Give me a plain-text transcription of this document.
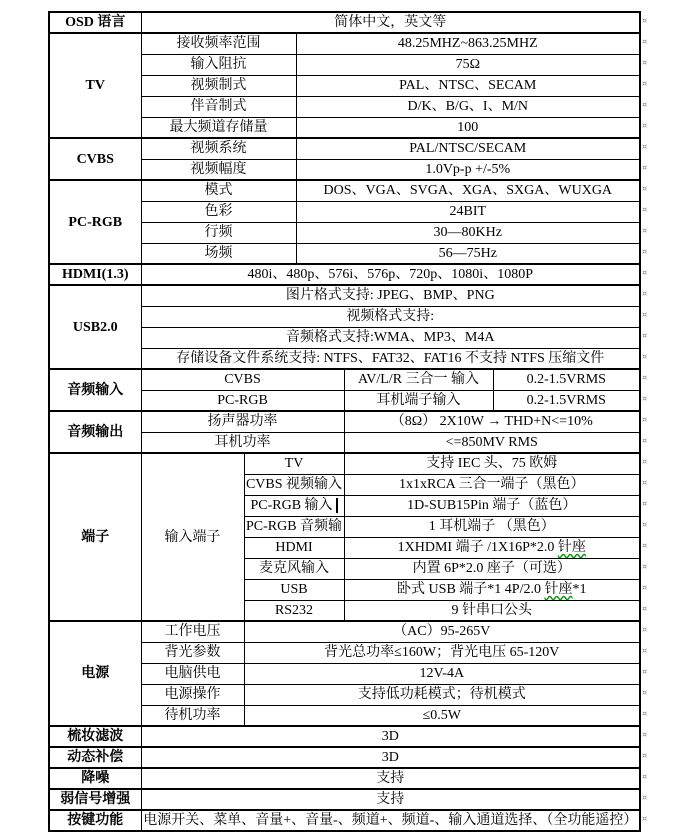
OSD 语言	简体中文，英文等				
TV	接收频率范围		48.25MHZ~863.25MHZ		
	输入阻抗		75Ω		
	视频制式		PAL、NTSC、SECAM		
	伴音制式		D/K、B/G、I、M/N		
	最大频道存储量		100		
CVBS	视频系统		PAL/NTSC/SECAM		
	视频幅度		1.0Vp-p +/-5%		
PC-RGB	模式		DOS、VGA、SVGA、XGA、SXGA、WUXGA		
	色彩		24BIT		
	行频		30—80KHz		
	场频		56—75Hz		
HDMI(1.3)	480i、480p、576i、576p、720p、1080i、1080P				
USB2.0	图片格式支持: JPEG、BMP、PNG				
	视频格式支持:				
	音频格式支持:WMA、MP3、M4A				
	存储设备文件系统支持: NTFS、FAT32、FAT16 不支持 NTFS 压缩文件				
音频输入	CVBS			AV/L/R 三合一 输入	0.2-1.5VRMS
	PC-RGB			耳机端子输入	0.2-1.5VRMS
音频输出	扬声器功率			（8Ω） 2X10W → THD+N<=10%	
	耳机功率			<=850MV RMS	
端子	输入端子	TV		支持 IEC 头、75 欧姆	
		CVBS 视频输入		1x1xRCA 三合一端子（黑色）	
		PC-RGB 输入		1D-SUB15Pin 端子（蓝色）	
		PC-RGB 音频输		1 耳机端子 （黑色）	
		HDMI		1XHDMI 端子 /1X16P*2.0 针座	
		麦克风输入		内置 6P*2.0 座子（可选）	
		USB		卧式 USB 端子*1 4P/2.0 针座*1	
		RS232		9 针串口公头	
电源	工作电压	（AC）95-265V			
	背光参数	背光总功率≤160W；背光电压 65-120V			
	电脑供电	12V-4A			
	电源操作	支持低功耗模式；待机模式			
	待机功率	≤0.5W			
梳妆滤波	3D				
动态补偿	3D				
降噪	支持				
弱信号增强	支持				
按键功能	电源开关、菜单、音量+、音量-、频道+、频道-、输入通道选择、（全功能遥控）				
¤
¤
¤
¤
¤
¤
¤
¤
¤
¤
¤
¤
¤
¤
¤
¤
¤
¤
¤
¤
¤
¤
¤
¤
¤
¤
¤
¤
¤
¤
¤
¤
¤
¤
¤
¤
¤
¤
¤
